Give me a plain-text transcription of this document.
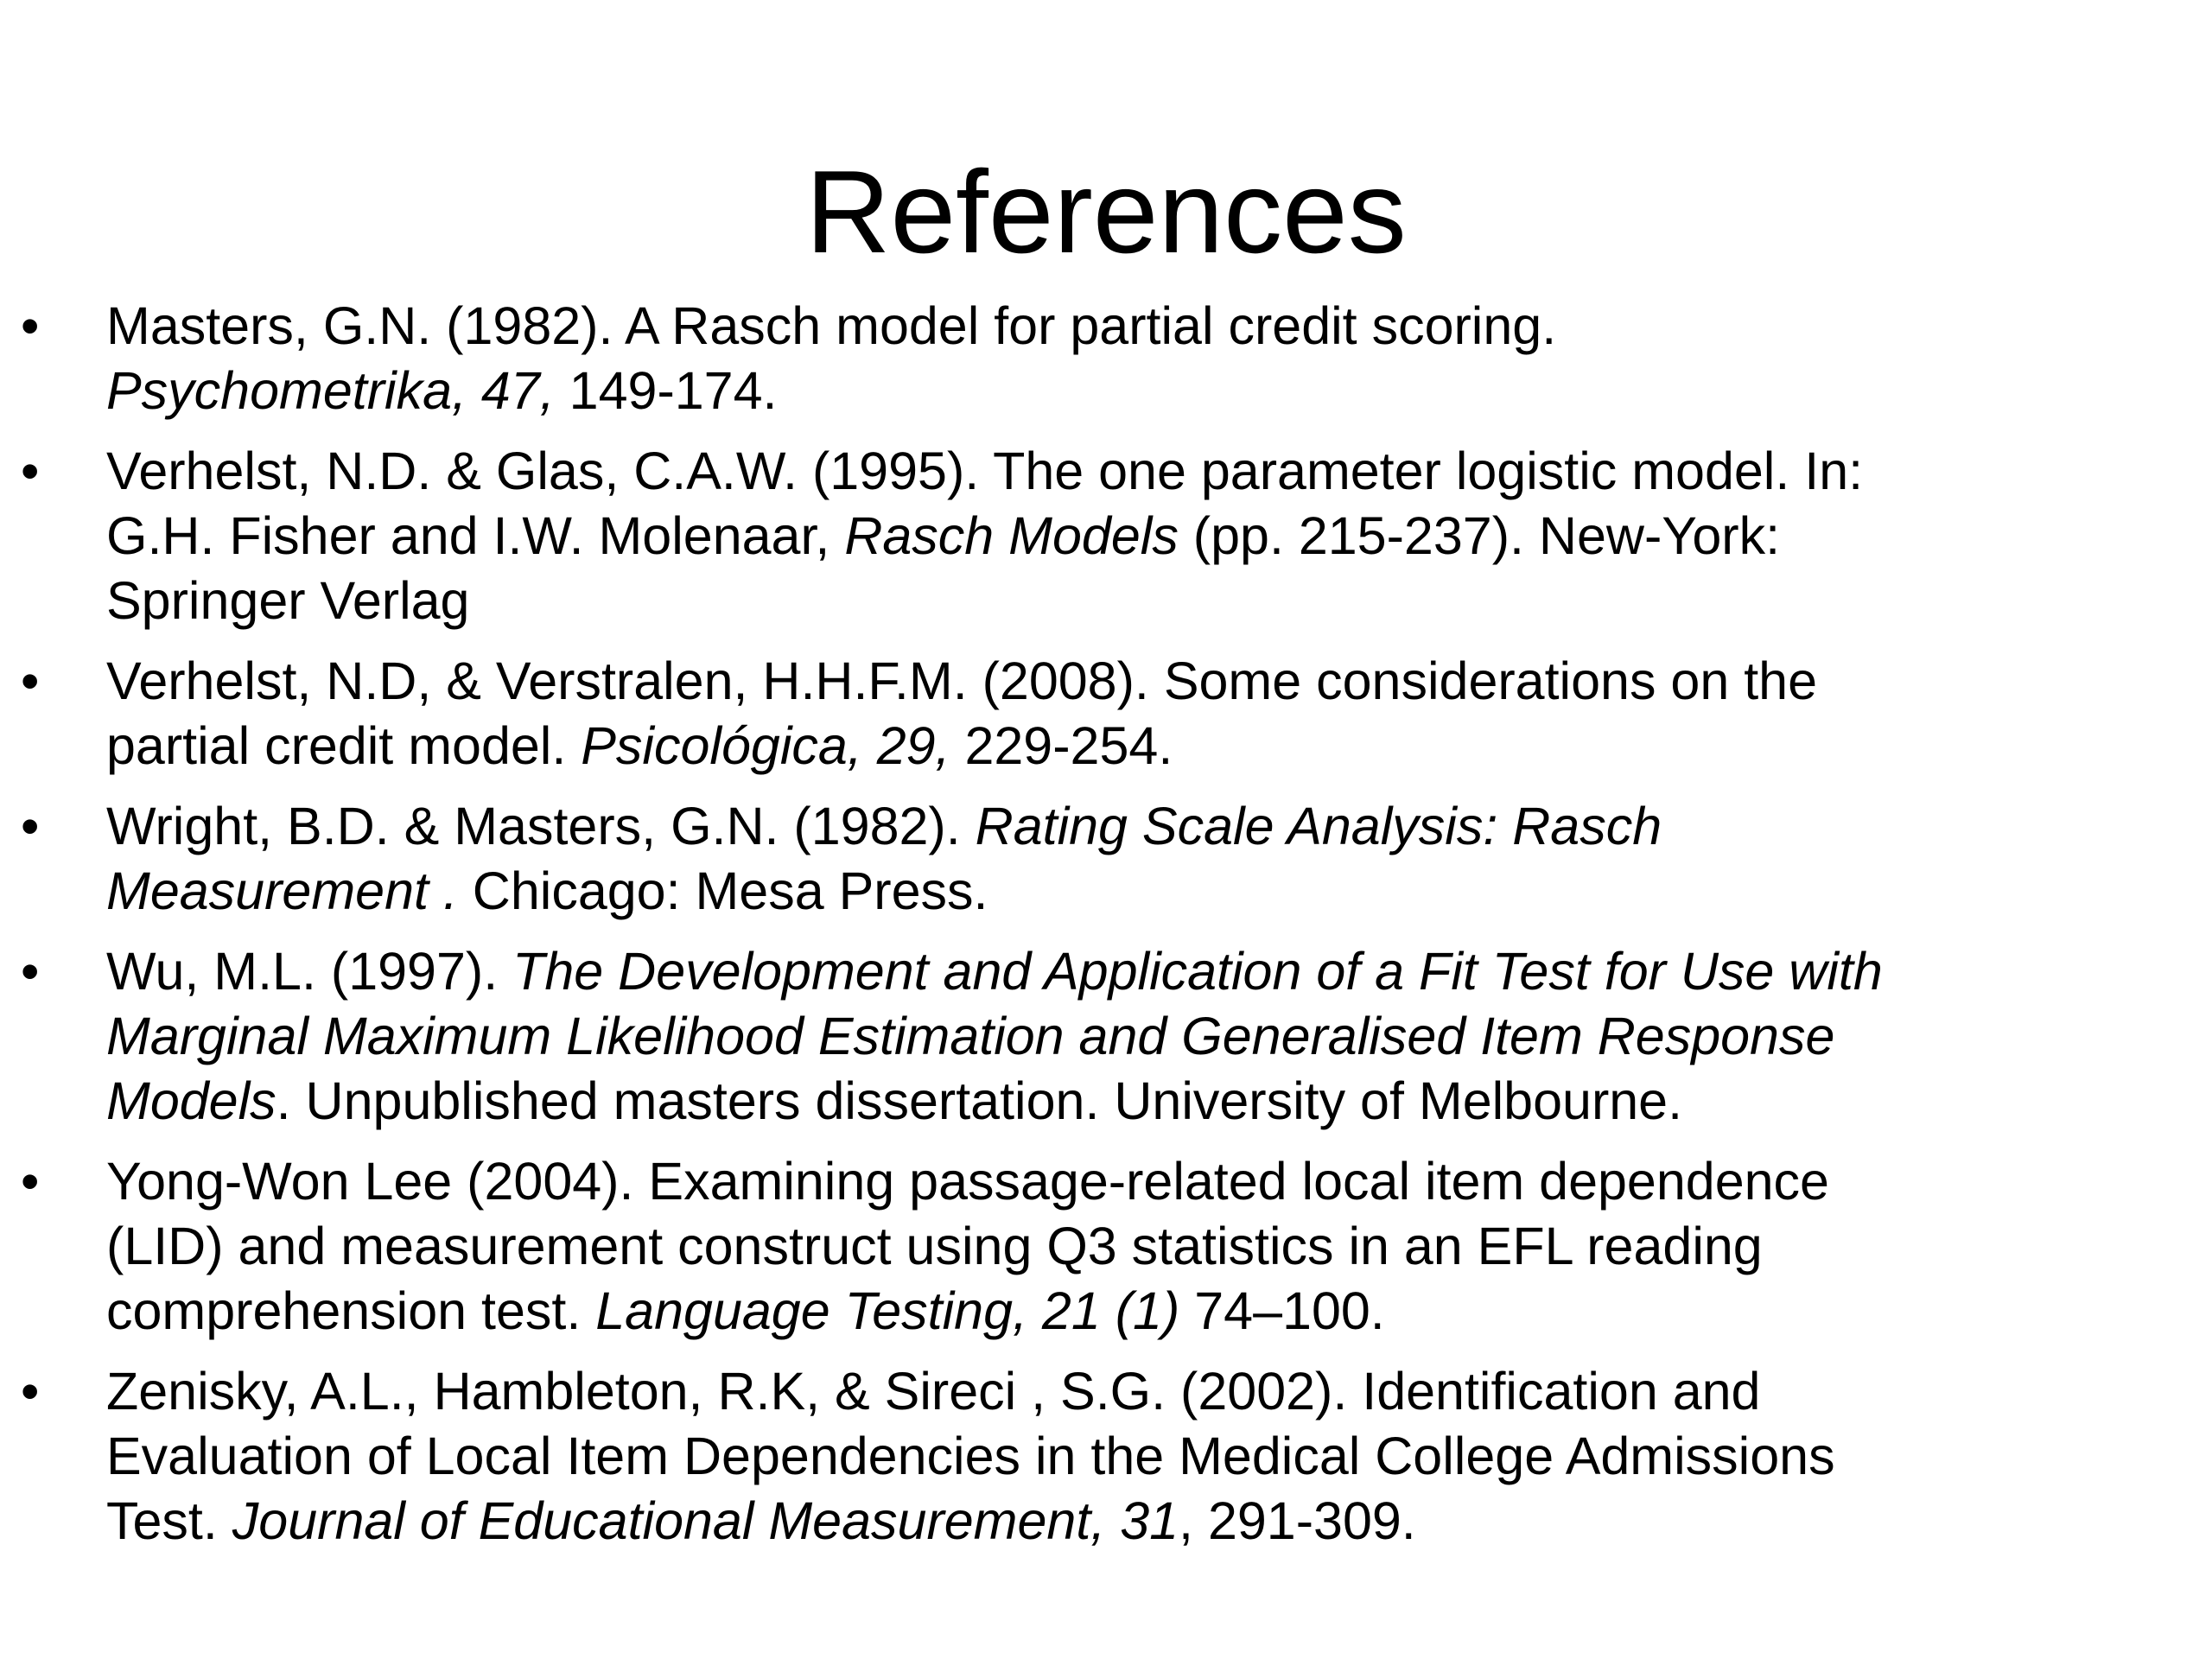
References
•	Masters, G.N. (1982). A Rasch model for partial credit scoring.
Psychometrika, 47, 149-174.
•	Verhelst, N.D. & Glas, C.A.W. (1995). The one parameter logistic model. In:
G.H. Fisher and I.W. Molenaar, Rasch Models (pp. 215-237). New-York:
Springer Verlag
•	Verhelst, N.D, & Verstralen, H.H.F.M. (2008). Some considerations on the
partial credit model. Psicológica, 29, 229-254.
•	Wright, B.D. & Masters, G.N. (1982). Rating Scale Analysis: Rasch
Measurement . Chicago: Mesa Press.
•	Wu, M.L. (1997). The Development and Application of a Fit Test for Use with
Marginal Maximum Likelihood Estimation and Generalised Item Response
Models. Unpublished masters dissertation. University of Melbourne.
•	Yong-Won Lee (2004). Examining passage-related local item dependence
(LID) and measurement construct using Q3 statistics in an EFL reading
comprehension test. Language Testing, 21 (1) 74–100.
•	Zenisky, A.L., Hambleton, R.K, & Sireci , S.G. (2002). Identification and
Evaluation of Local Item Dependencies in the Medical College Admissions
Test. Journal of Educational Measurement, 31, 291-309.
